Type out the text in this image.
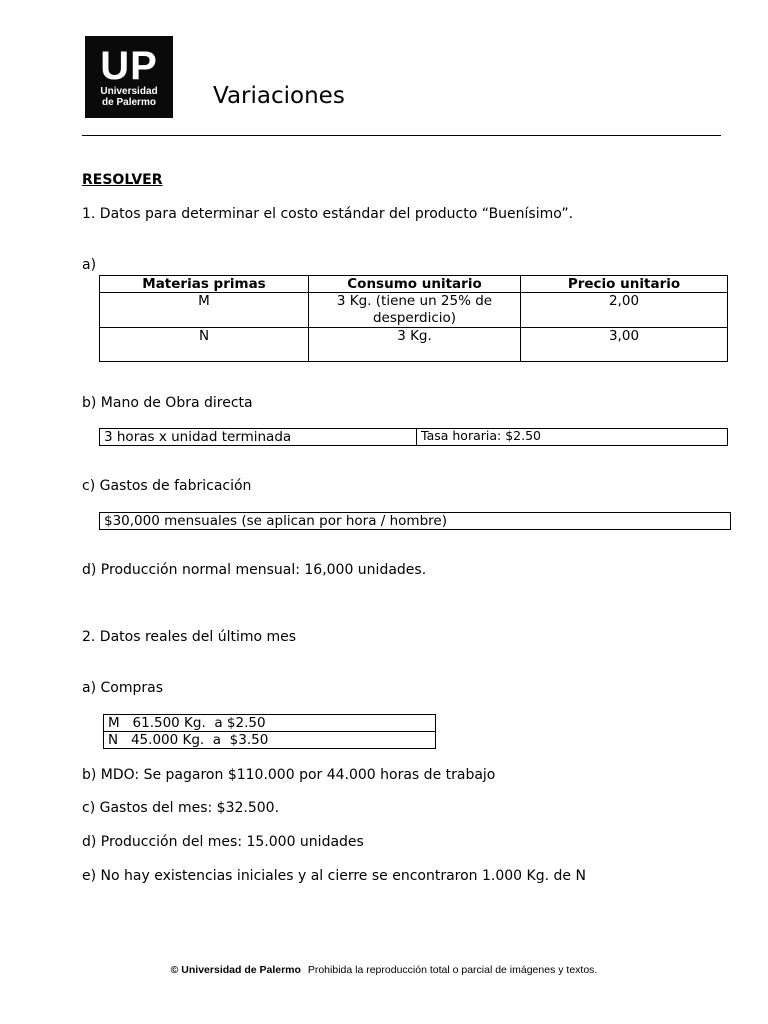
UP
Universidad
de Palermo	Variaciones
RESOLVER
1. Datos para determinar el costo estándar del producto “Buenísimo”.
a)
Materias primas	Consumo unitario	Precio unitario
M	3 Kg. (tiene un 25% de desperdicio)	2,00
N	3 Kg.	3,00
b) Mano de Obra directa
3 horas x unidad terminada	Tasa horaria: $2.50
c) Gastos de fabricación
$30,000 mensuales (se aplican por hora / hombre)
d) Producción normal mensual: 16,000 unidades.
2. Datos reales del último mes
a) Compras
M   61.500 Kg.  a $2.50
N   45.000 Kg.  a  $3.50
b) MDO: Se pagaron $110.000 por 44.000 horas de trabajo
c) Gastos del mes: $32.500.
d) Producción del mes: 15.000 unidades
e) No hay existencias iniciales y al cierre se encontraron 1.000 Kg. de N
© Universidad de Palermo Prohibida la reproducción total o parcial de imágenes y textos.
